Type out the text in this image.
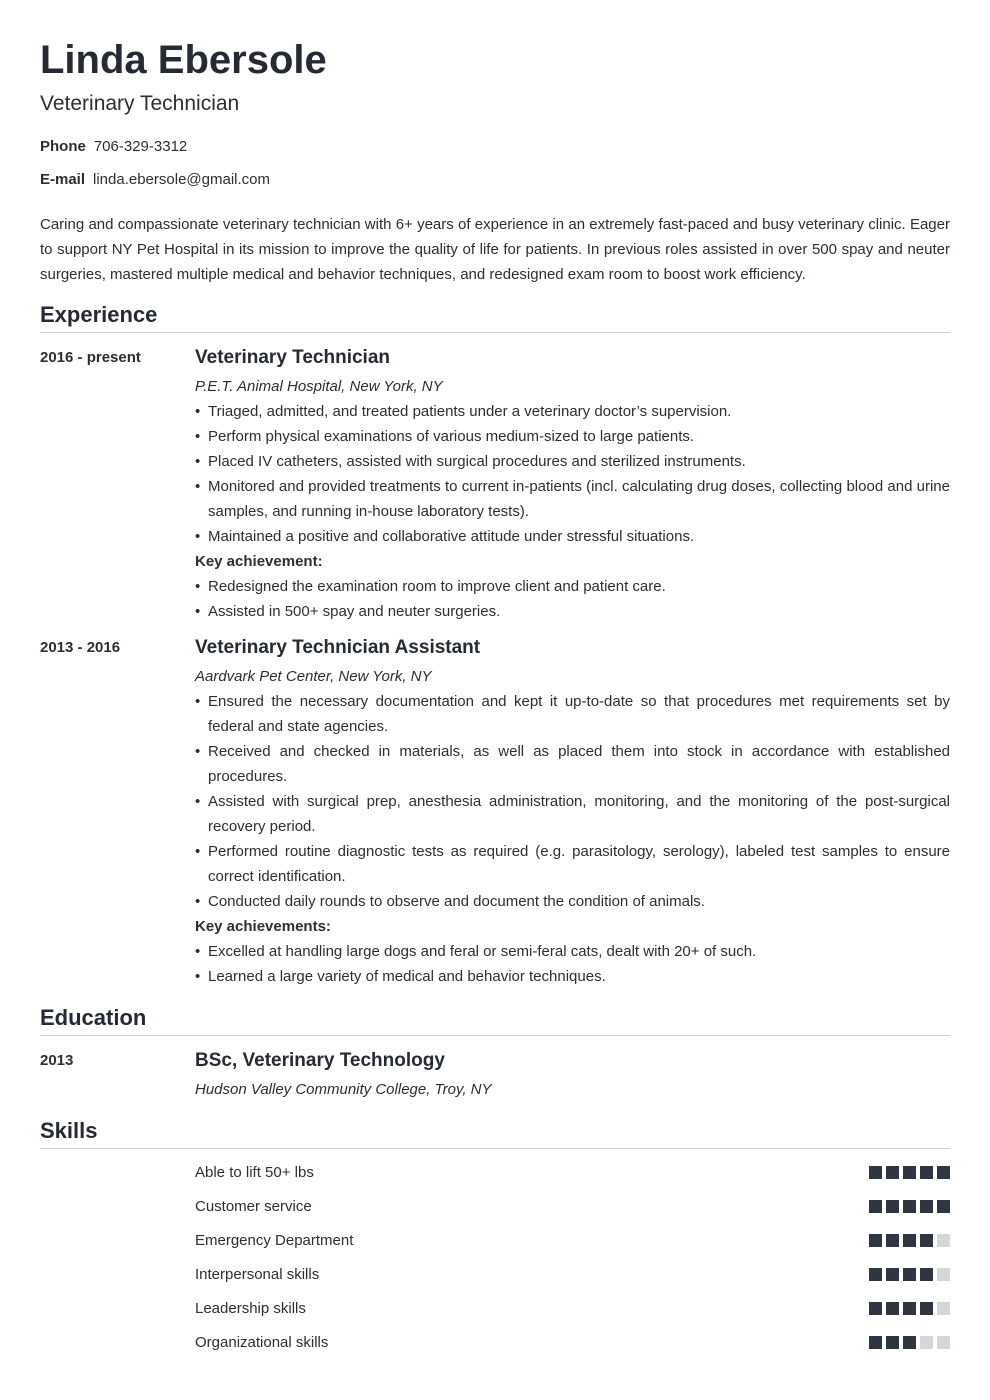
Linda Ebersole
Veterinary Technician
Phone 706-329-3312
E-mail linda.ebersole@gmail.com

Caring and compassionate veterinary technician with 6+ years of experience in an extremely fast-paced and busy veterinary clinic. Eager to support NY Pet Hospital in its mission to improve the quality of life for patients. In previous roles assisted in over 500 spay and neuter surgeries, mastered multiple medical and behavior techniques, and redesigned exam room to boost work efficiency.

Experience
2016 - present	Veterinary Technician
P.E.T. Animal Hospital, New York, NY
• Triaged, admitted, and treated patients under a veterinary doctor’s supervision.
• Perform physical examinations of various medium-sized to large patients.
• Placed IV catheters, assisted with surgical procedures and sterilized instruments.
• Monitored and provided treatments to current in-patients (incl. calculating drug doses, collecting blood and urine samples, and running in-house laboratory tests).
• Maintained a positive and collaborative attitude under stressful situations.
Key achievement:
• Redesigned the examination room to improve client and patient care.
• Assisted in 500+ spay and neuter surgeries.
2013 - 2016	Veterinary Technician Assistant
Aardvark Pet Center, New York, NY
• Ensured the necessary documentation and kept it up-to-date so that procedures met requirements set by federal and state agencies.
• Received and checked in materials, as well as placed them into stock in accordance with established procedures.
• Assisted with surgical prep, anesthesia administration, monitoring, and the monitoring of the post-surgical recovery period.
• Performed routine diagnostic tests as required (e.g. parasitology, serology), labeled test samples to ensure correct identification.
• Conducted daily rounds to observe and document the condition of animals.
Key achievements:
• Excelled at handling large dogs and feral or semi-feral cats, dealt with 20+ of such.
• Learned a large variety of medical and behavior techniques.
Education
2013	BSc, Veterinary Technology
Hudson Valley Community College, Troy, NY
Skills
Able to lift 50+ lbs
Customer service
Emergency Department
Interpersonal skills
Leadership skills
Organizational skills
